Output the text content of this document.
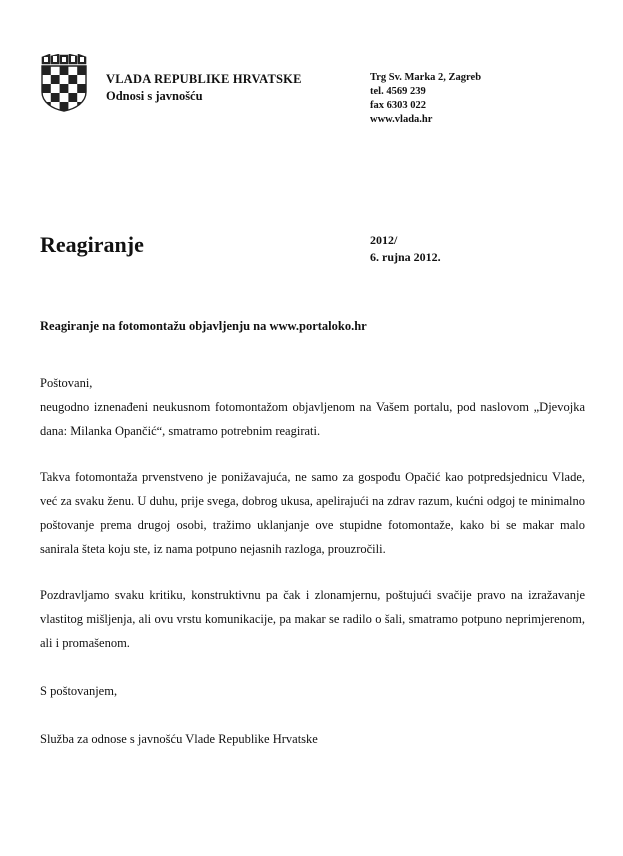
VLADA REPUBLIKE HRVATSKE
Odnosi s javnošću
Trg Sv. Marka 2, Zagreb
tel. 4569 239
fax 6303 022
www.vlada.hr
Reagiranje	2012/
6. rujna 2012.
Reagiranje na fotomontažu objavljenju na www.portaloko.hr

Poštovani,

neugodno iznenađeni neukusnom fotomontažom objavljenom na Vašem portalu, pod naslovom „Djevojka dana: Milanka Opančić“, smatramo potrebnim reagirati.

Takva fotomontaža prvenstveno je ponižavajuća, ne samo za gospođu Opačić kao potpredsjednicu Vlade, već za svaku ženu. U duhu, prije svega, dobrog ukusa, apelirajući na zdrav razum, kućni odgoj te minimalno poštovanje prema drugoj osobi, tražimo uklanjanje ove stupidne fotomontaže, kako bi se makar malo sanirala šteta koju ste, iz nama potpuno nejasnih razloga, prouzročili.

Pozdravljamo svaku kritiku, konstruktivnu pa čak i zlonamjernu, poštujući svačije pravo na izražavanje vlastitog mišljenja, ali ovu vrstu komunikacije, pa makar se radilo o šali, smatramo potpuno neprimjerenom, ali i promašenom.

S poštovanjem,

Služba za odnose s javnošću Vlade Republike Hrvatske
